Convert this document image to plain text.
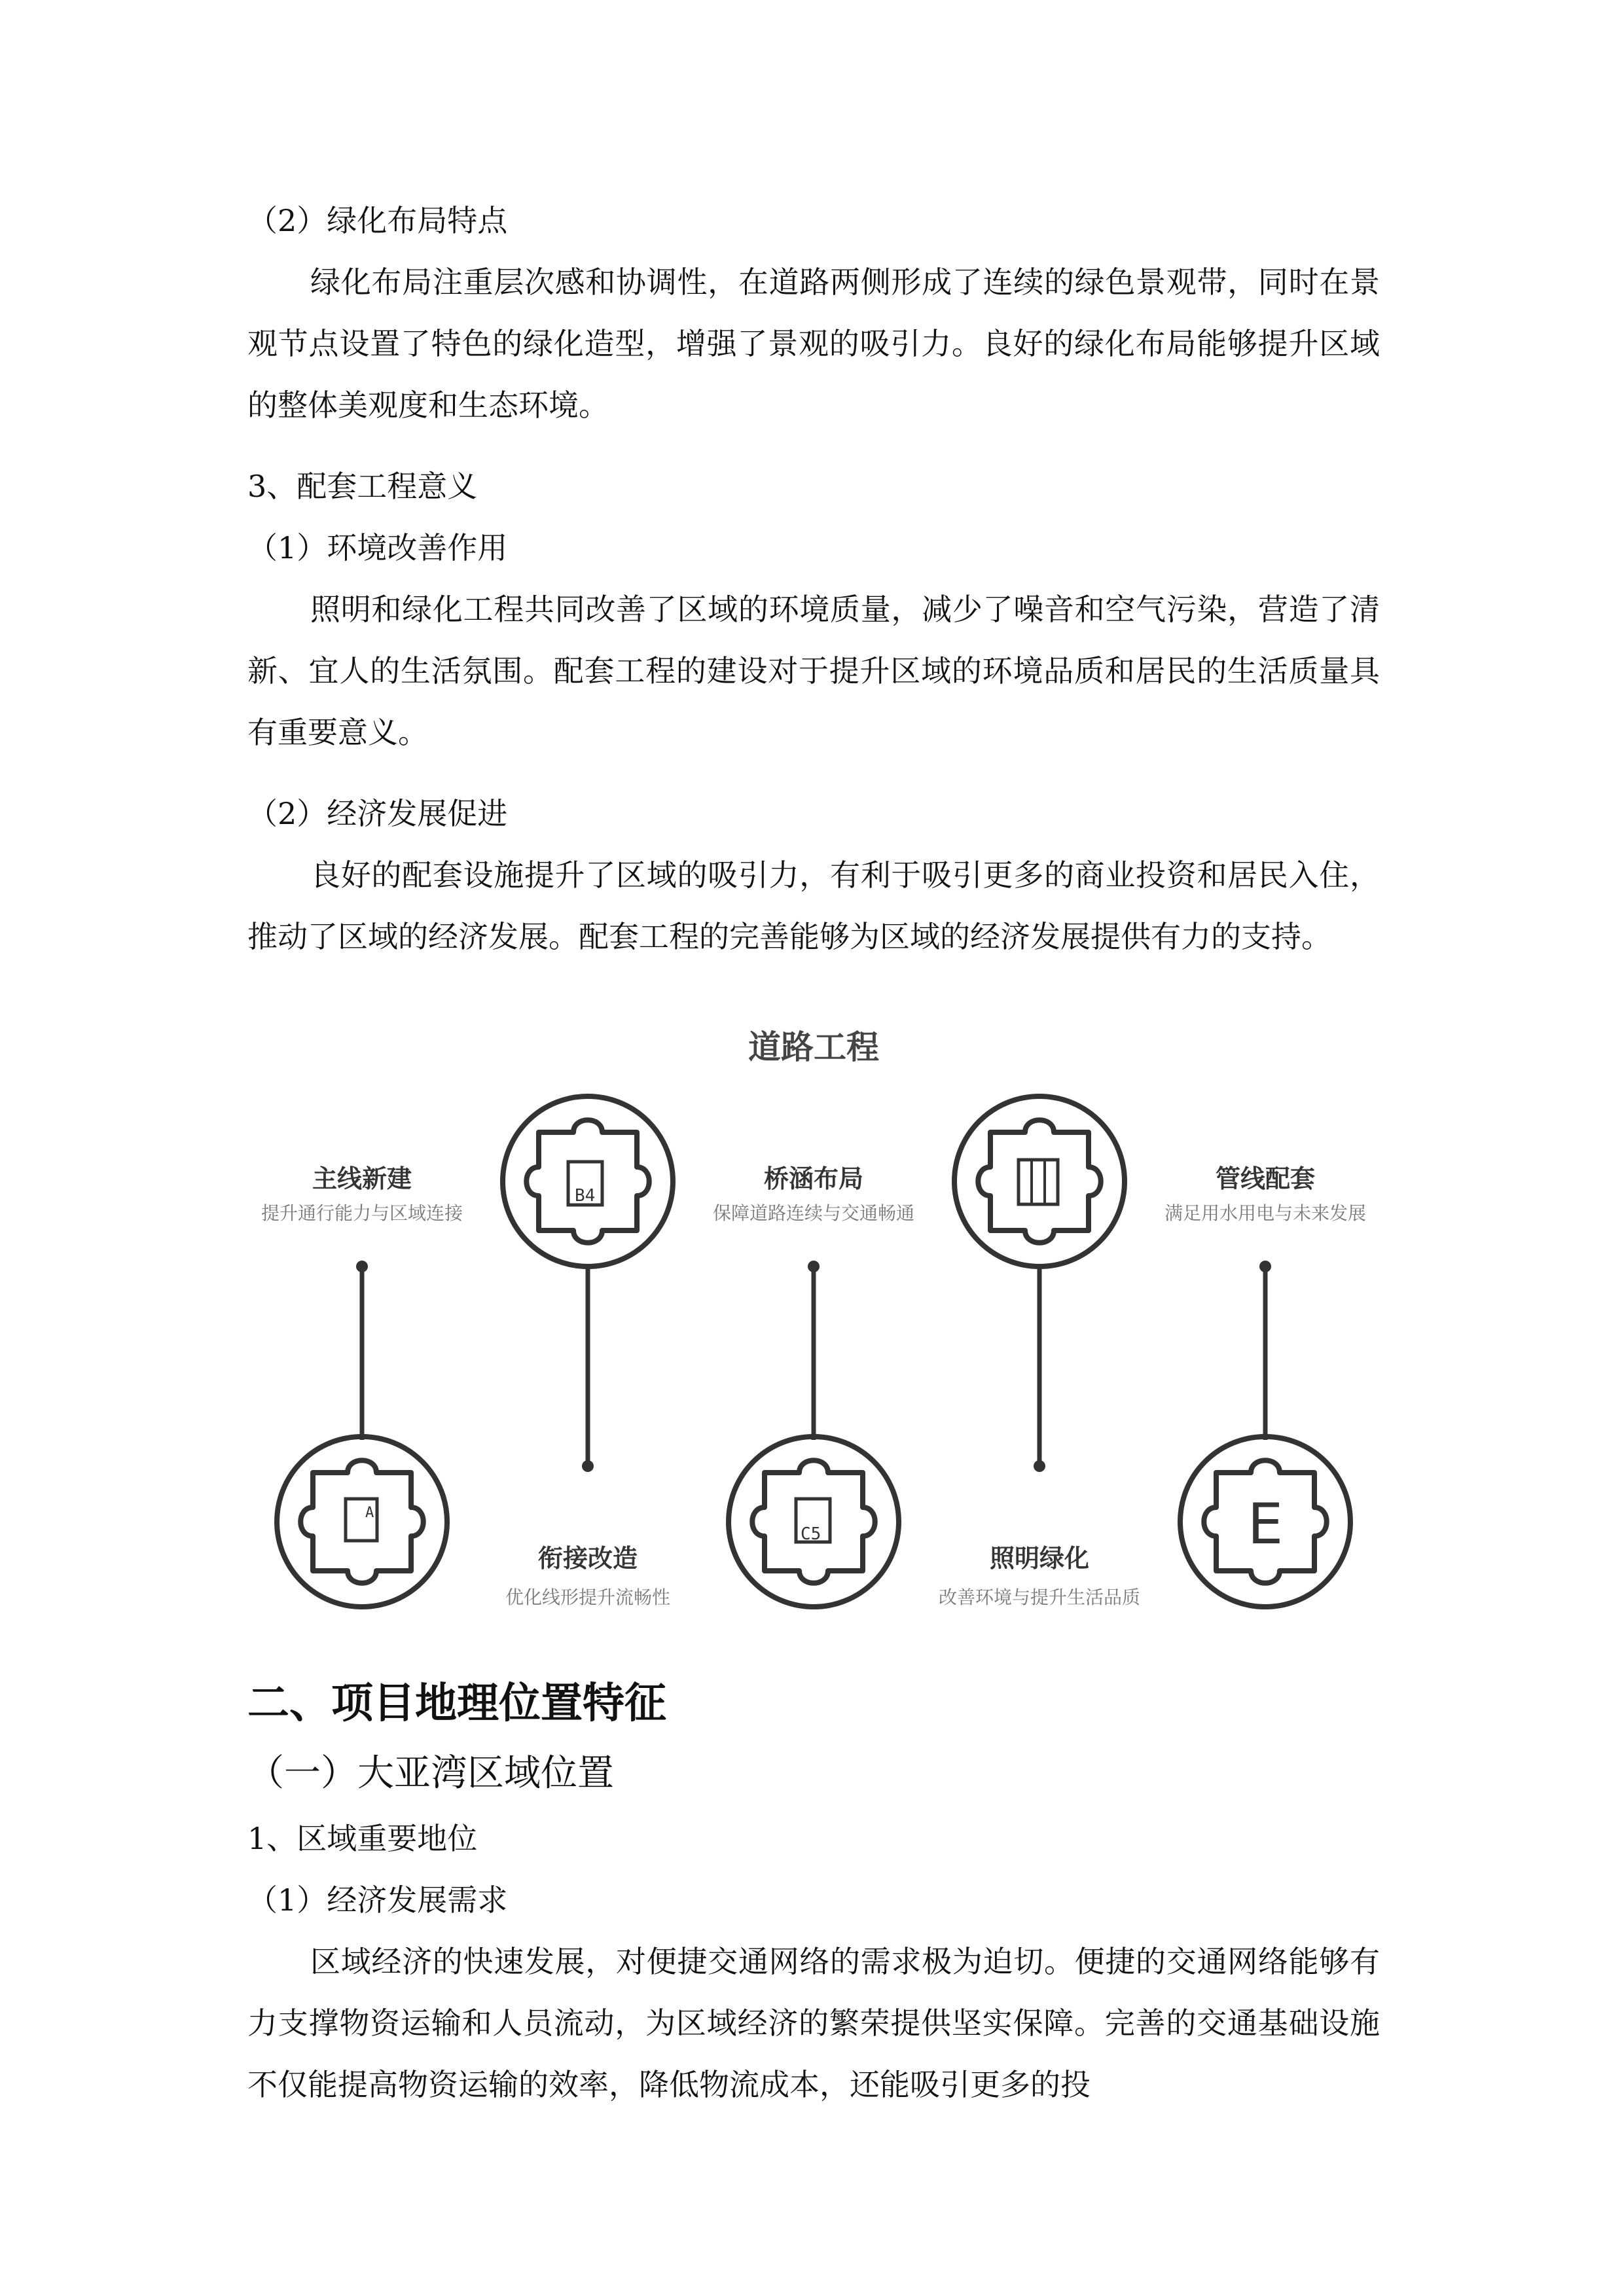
（2）绿化布局特点

绿化布局注重层次感和协调性，在道路两侧形成了连续的绿色景观带，同时在景观节点设置了特色的绿化造型，增强了景观的吸引力。良好的绿化布局能够提升区域的整体美观度和生态环境。

3、配套工程意义

（1）环境改善作用

照明和绿化工程共同改善了区域的环境质量，减少了噪音和空气污染，营造了清新、宜人的生活氛围。配套工程的建设对于提升区域的环境品质和居民的生活质量具有重要意义。

（2）经济发展促进

良好的配套设施提升了区域的吸引力，有利于吸引更多的商业投资和居民入住，推动了区域的经济发展。配套工程的完善能够为区域的经济发展提供有力的支持。

道路工程
A
B4
C5	E
主线新建
提升通行能力与区域连接
桥涵布局
保障道路连续与交通畅通
管线配套
满足用水用电与未来发展
衔接改造
优化线形提升流畅性
照明绿化
改善环境与提升生活品质

二、项目地理位置特征

（一）大亚湾区域位置

1、区域重要地位

（1）经济发展需求

区域经济的快速发展，对便捷交通网络的需求极为迫切。便捷的交通网络能够有力支撑物资运输和人员流动，为区域经济的繁荣提供坚实保障。完善的交通基础设施不仅能提高物资运输的效率，降低物流成本，还能吸引更多的投
